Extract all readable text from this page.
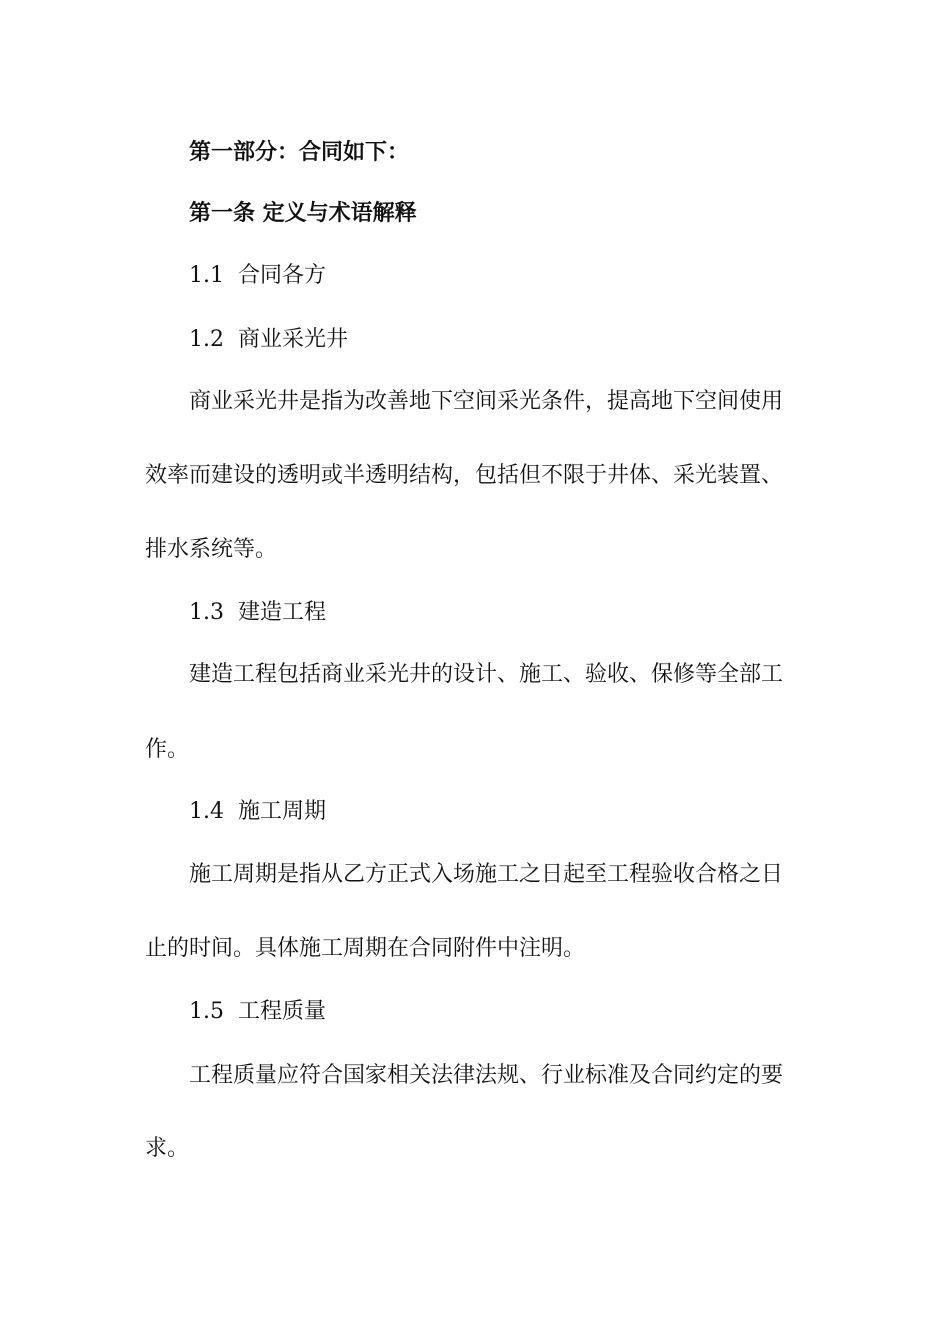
第一部分：合同如下：
第一条 定义与术语解释
1.1 合同各方
1.2 商业采光井
商业采光井是指为改善地下空间采光条件，提高地下空间使用
效率而建设的透明或半透明结构，包括但不限于井体、采光装置、
排水系统等。
1.3 建造工程
建造工程包括商业采光井的设计、施工、验收、保修等全部工
作。
1.4 施工周期
施工周期是指从乙方正式入场施工之日起至工程验收合格之日
止的时间。具体施工周期在合同附件中注明。
1.5 工程质量
工程质量应符合国家相关法律法规、行业标准及合同约定的要
求。
